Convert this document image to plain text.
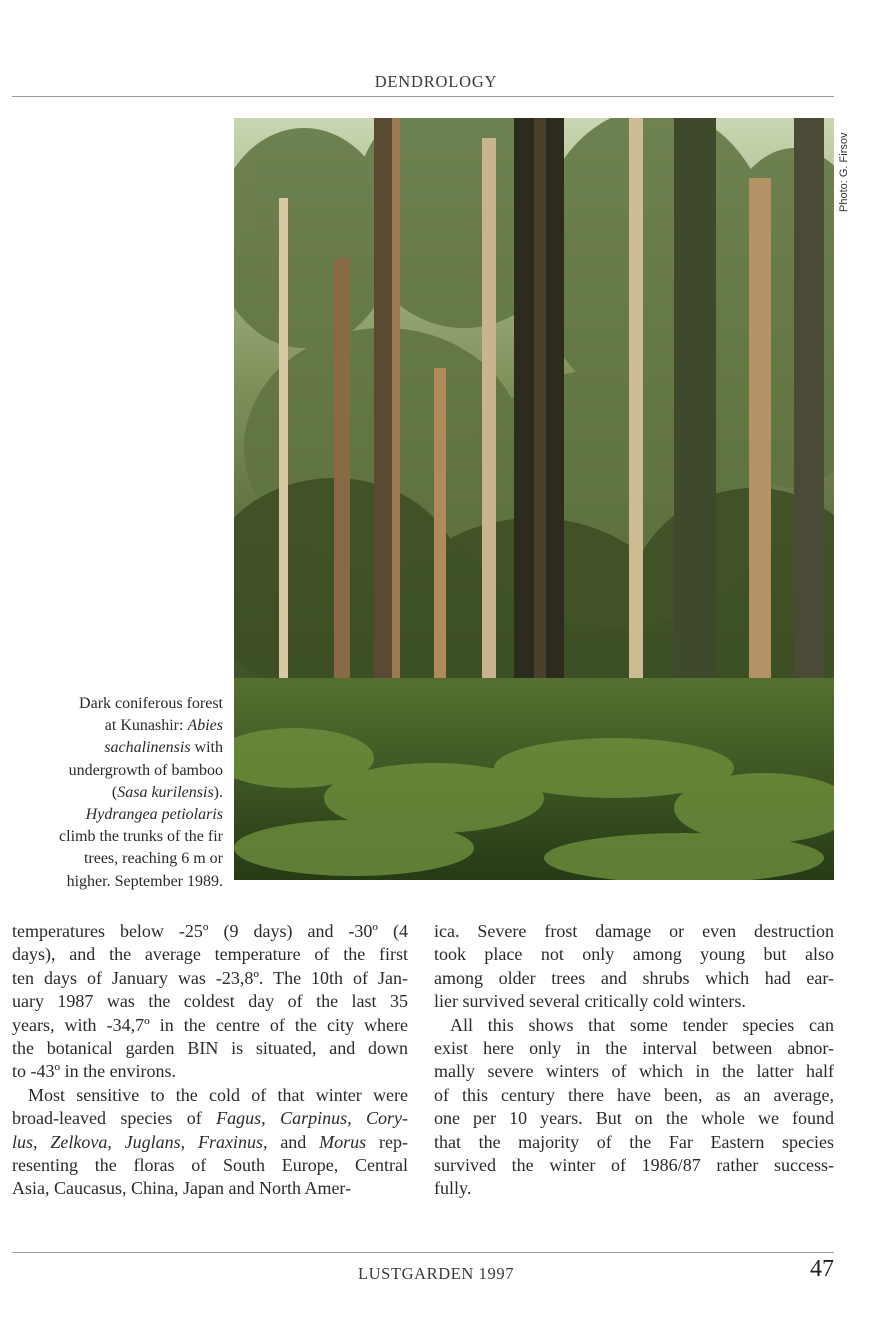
DENDROLOGY
Photo: G. Firsov
Dark coniferous forest
at Kunashir: Abies
sachalinensis with
undergrowth of bamboo
(Sasa kurilensis).
Hydrangea petiolaris
climb the trunks of the fir
trees, reaching 6 m or
higher. September 1989.

temperatures below -25º (9 days) and -30º (4
days), and the average temperature of the first
ten days of January was -23,8º. The 10th of Jan-
uary 1987 was the coldest day of the last 35
years, with -34,7º in the centre of the city where
the botanical garden BIN is situated, and down
to -43º in the environs.

Most sensitive to the cold of that winter were
broad-leaved species of Fagus, Carpinus, Cory-
lus, Zelkova, Juglans, Fraxinus, and Morus rep-
resenting the floras of South Europe, Central
Asia, Caucasus, China, Japan and North Amer-

ica. Severe frost damage or even destruction
took place not only among young but also
among older trees and shrubs which had ear-
lier survived several critically cold winters.

All this shows that some tender species can
exist here only in the interval between abnor-
mally severe winters of which in the latter half
of this century there have been, as an average,
one per 10 years. But on the whole we found
that the majority of the Far Eastern species
survived the winter of 1986/87 rather success-
fully.

LUSTGARDEN 1997	47
